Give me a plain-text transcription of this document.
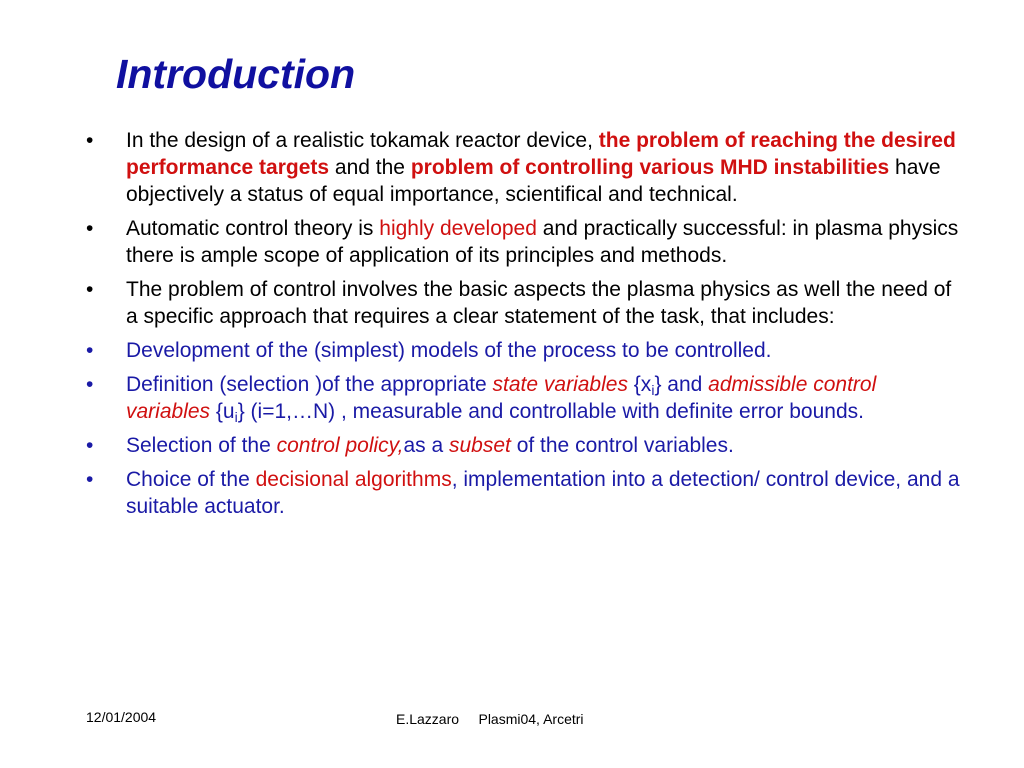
Introduction
•	In the design of a realistic tokamak reactor device, the problem of reaching the desired performance targets and the problem of controlling various MHD instabilities have objectively a status of equal importance, scientifical and technical.
•	Automatic control theory is highly developed and practically successful: in plasma physics there is ample scope of application of its principles and methods.
•	The problem of control involves the basic aspects the plasma physics as well the need of a specific approach that requires a clear statement of the task, that includes:
•	Development of the (simplest) models of the process to be controlled.
•	Definition (selection )of the appropriate state variables $\{x_i\}$ and admissible control variables $\{u_i\}$ (i=1,…N) , measurable and controllable with definite error bounds.
•	Selection of the control policy,as a subset of the control variables.
•	Choice of the decisional algorithms, implementation into a detection/ control device, and a suitable actuator.
12/01/2004	E.Lazzaro     Plasmi04, Arcetri
